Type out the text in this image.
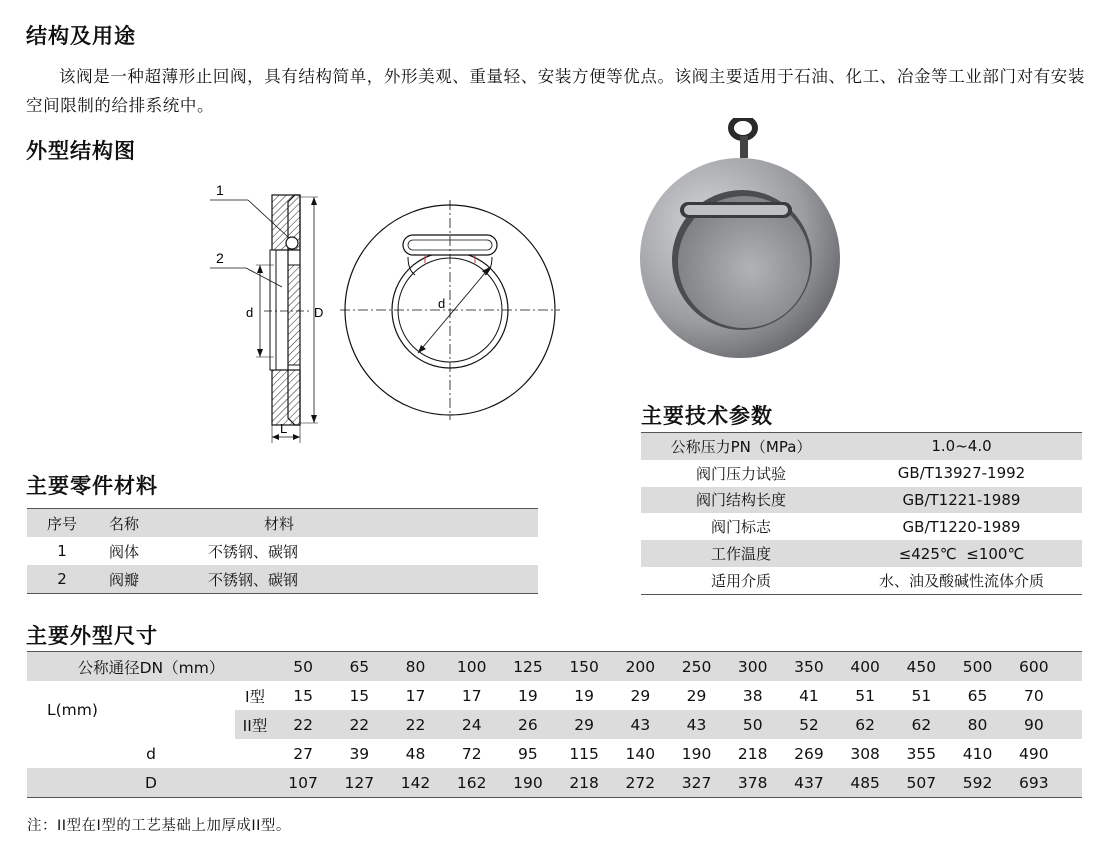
结构及用途
该阀是一种超薄形止回阀，具有结构简单，外形美观、重量轻、安装方便等优点。该阀主要适用于石油、化工、冶金等工业部门对有安装空间限制的给排系统中。
外型结构图
1
2
d	D
L
d
主要技术参数
公称压力PN（MPa）	1.0~4.0
阀门压力试验	GB/T13927-1992
阀门结构长度	GB/T1221-1989
阀门标志	GB/T1220-1989
工作温度	≤425℃  ≤100℃
适用介质	水、油及酸碱性流体介质
主要零件材料
序号	名称	材料
1	阀体	不锈钢、碳钢
2	阀瓣	不锈钢、碳钢
主要外型尺寸
公称通径DN（mm）		50	65	80	100	125	150	200	250	300	350	400	450	500	600	
L(mm)	I型	15	15	17	17	19	19	29	29	38	41	51	51	65	70	
	II型	22	22	22	24	26	29	43	43	50	52	62	62	80	90	
d		27	39	48	72	95	115	140	190	218	269	308	355	410	490	
D		107	127	142	162	190	218	272	327	378	437	485	507	592	693	
注：II型在I型的工艺基础上加厚成II型。
